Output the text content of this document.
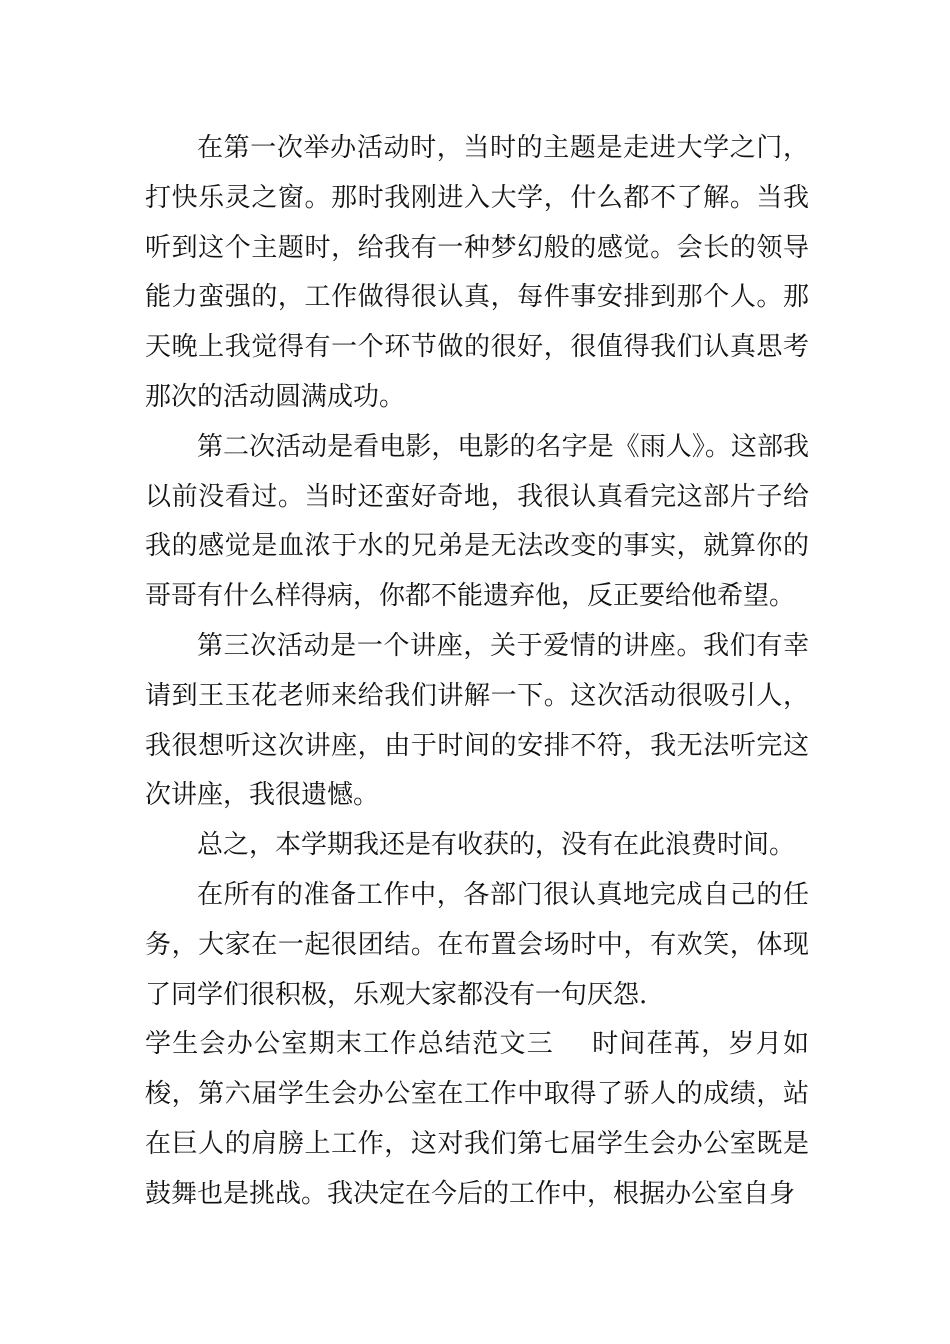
在第一次举办活动时，当时的主题是走进大学之门，打快乐灵之窗。那时我刚进入大学，什么都不了解。当我听到这个主题时，给我有一种梦幻般的感觉。会长的领导能力蛮强的，工作做得很认真，每件事安排到那个人。那天晚上我觉得有一个环节做的很好，很值得我们认真思考那次的活动圆满成功。

第二次活动是看电影，电影的名字是《雨人》。这部我以前没看过。当时还蛮好奇地，我很认真看完这部片子给我的感觉是血浓于水的兄弟是无法改变的事实，就算你的哥哥有什么样得病，你都不能遗弃他，反正要给他希望。

第三次活动是一个讲座，关于爱情的讲座。我们有幸请到王玉花老师来给我们讲解一下。这次活动很吸引人，我很想听这次讲座，由于时间的安排不符，我无法听完这次讲座，我很遗憾。

总之，本学期我还是有收获的，没有在此浪费时间。

在所有的准备工作中，各部门很认真地完成自己的任务，大家在一起很团结。在布置会场时中，有欢笑，体现了同学们很积极，乐观大家都没有一句厌怨.

学生会办公室期末工作总结范文三 时间荏苒，岁月如梭，第六届学生会办公室在工作中取得了骄人的成绩，站在巨人的肩膀上工作，这对我们第七届学生会办公室既是鼓舞也是挑战。我决定在今后的工作中，根据办公室自身
